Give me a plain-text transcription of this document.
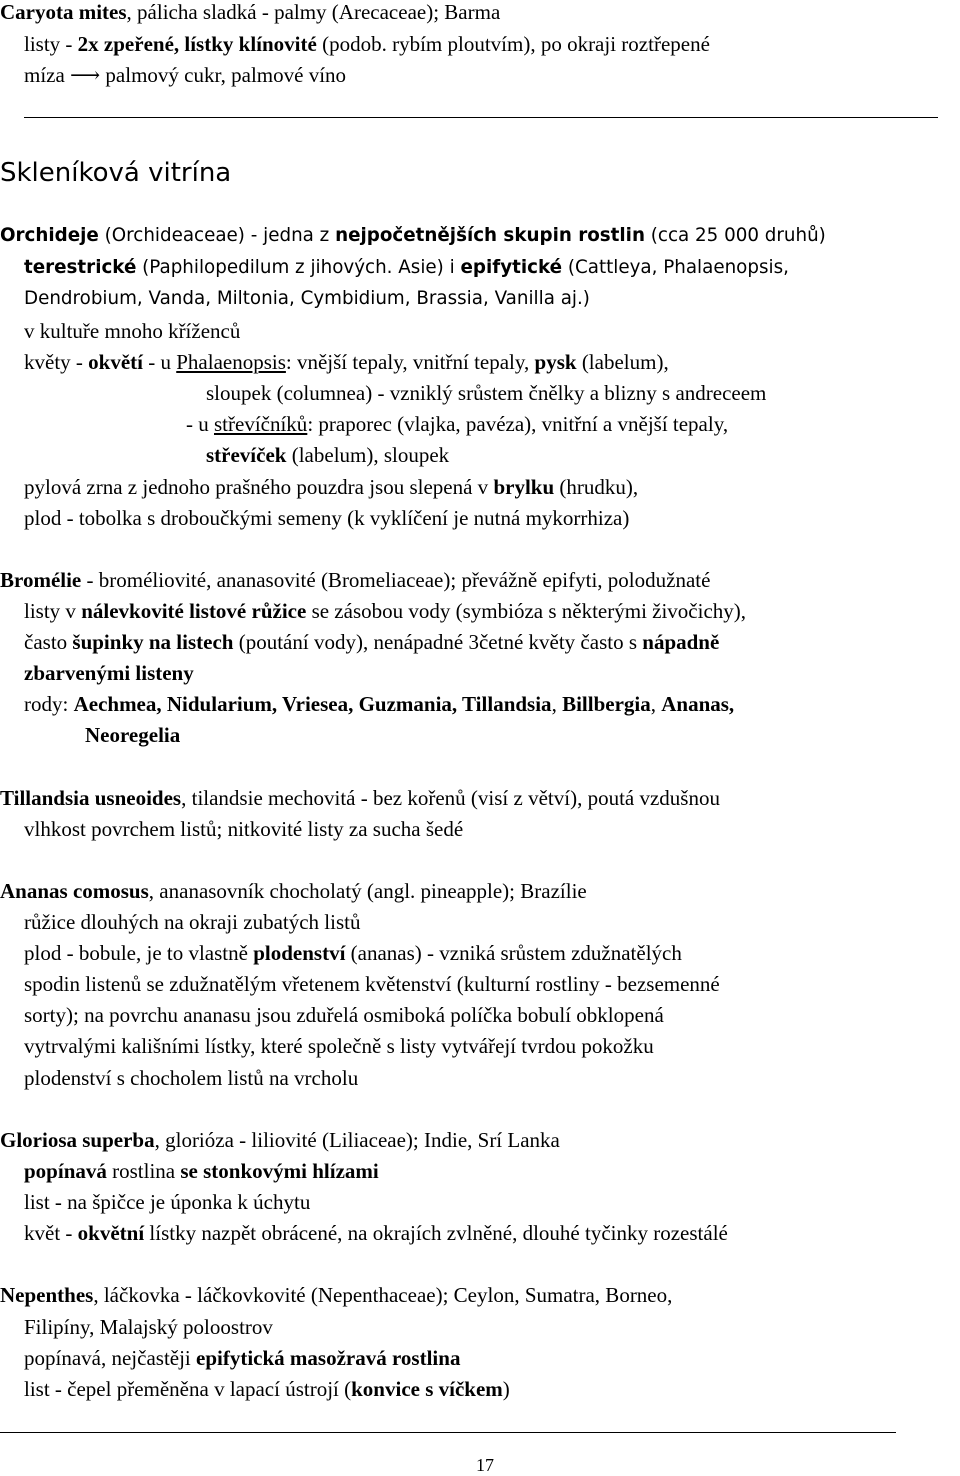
Caryota mites, pálicha sladká - palmy (Arecaceae); Barma

listy - 2x zpeřené, lístky klínovité (podob. rybím ploutvím), po okraji roztřepené

míza ⟶ palmový cukr, palmové víno

Skleníková vitrína

Orchideje (Orchideaceae) - jedna z nejpočetnějších skupin rostlin (cca 25 000 druhů)

terestrické (Paphilopedilum z jihových. Asie) i epifytické (Cattleya, Phalaenopsis,

Dendrobium, Vanda, Miltonia, Cymbidium, Brassia, Vanilla aj.)

v kultuře mnoho kříženců

květy - okvětí - u Phalaenopsis: vnější tepaly, vnitřní tepaly, pysk (labelum),

sloupek (columnea) - vzniklý srůstem čnělky a blizny s andreceem

- u střevíčníků: praporec (vlajka, pavéza), vnitřní a vnější tepaly,

střevíček (labelum), sloupek

pylová zrna z jednoho prašného pouzdra jsou slepená v brylku (hrudku),

plod - tobolka s droboučkými semeny (k vyklíčení je nutná mykorrhiza)

Bromélie - broméliovité, ananasovité (Bromeliaceae); převážně epifyti, polodužnaté

listy v nálevkovité listové růžice se zásobou vody (symbióza s některými živočichy),

často šupinky na listech (poutání vody), nenápadné 3četné květy často s nápadně

zbarvenými listeny

rody: Aechmea, Nidularium, Vriesea, Guzmania, Tillandsia, Billbergia, Ananas,

Neoregelia

Tillandsia usneoides, tilandsie mechovitá - bez kořenů (visí z větví), poutá vzdušnou

vlhkost povrchem listů; nitkovité listy za sucha šedé

Ananas comosus, ananasovník chocholatý (angl. pineapple); Brazílie

růžice dlouhých na okraji zubatých listů

plod - bobule, je to vlastně plodenství (ananas) - vzniká srůstem zdužnatělých

spodin listenů se zdužnatělým vřetenem květenství (kulturní rostliny - bezsemenné

sorty); na povrchu ananasu jsou zduřelá osmiboká políčka bobulí obklopená

vytrvalými kališními lístky, které společně s listy vytvářejí tvrdou pokožku

plodenství s chocholem listů na vrcholu

Gloriosa superba, glorióza - liliovité (Liliaceae); Indie, Srí Lanka

popínavá rostlina se stonkovými hlízami

list - na špičce je úponka k úchytu

květ - okvětní lístky nazpět obrácené, na okrajích zvlněné, dlouhé tyčinky rozestálé

Nepenthes, láčkovka - láčkovkovité (Nepenthaceae); Ceylon, Sumatra, Borneo,

Filipíny, Malajský poloostrov

popínavá, nejčastěji epifytická masožravá rostlina

list - čepel přeměněna v lapací ústrojí (konvice s víčkem)

17
